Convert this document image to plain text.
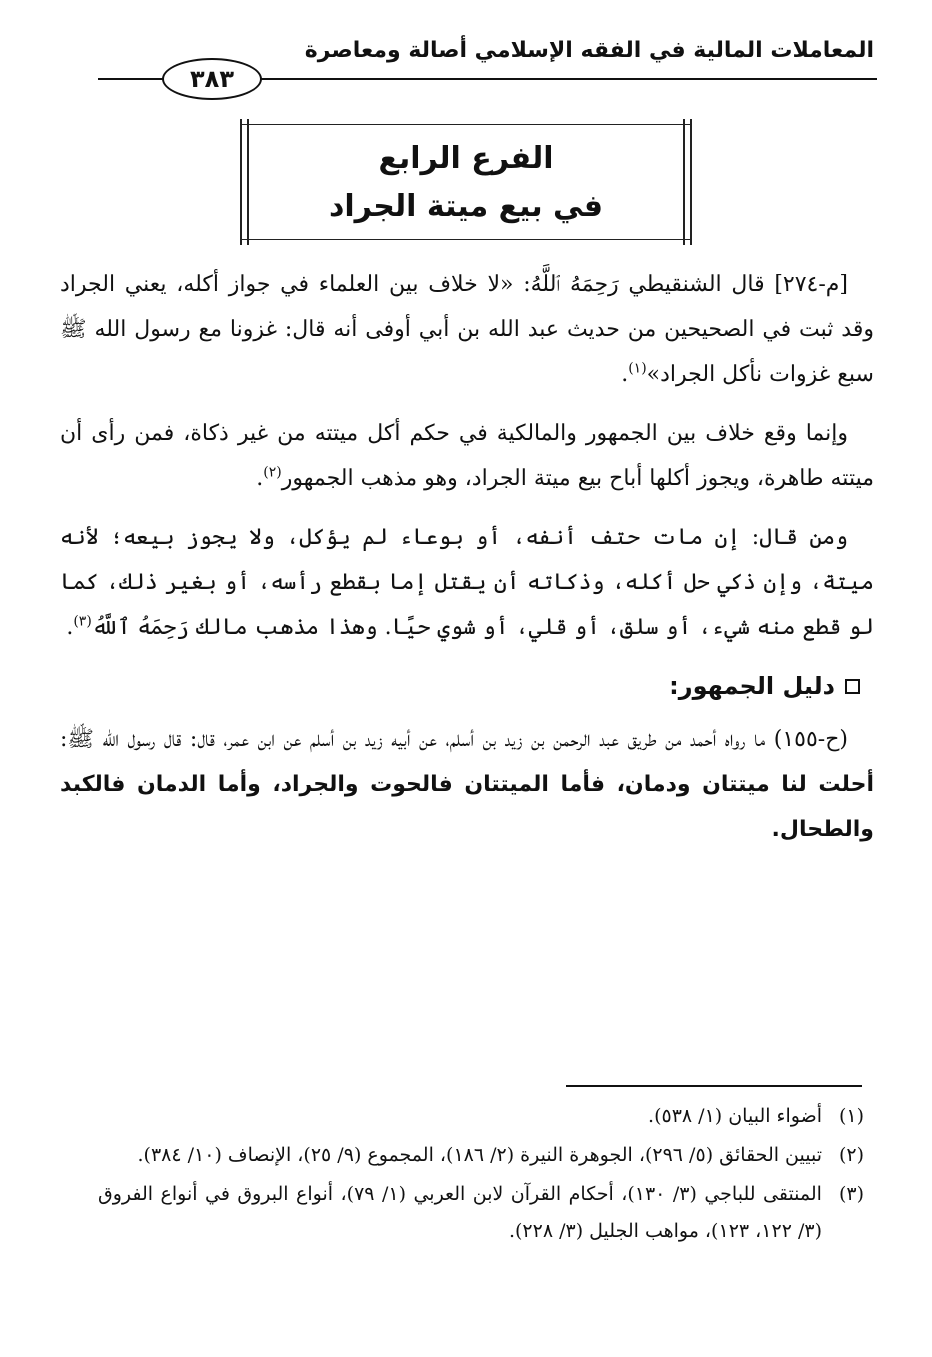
المعاملات المالية في الفقه الإسلامي أصالة ومعاصرة
٣٨٣
الفرع الرابع
في بيع ميتة الجراد

[م-٢٧٤] قال الشنقيطي رَحِمَهُ ٱللَّهُ: «لا خلاف بين العلماء في جواز أكله، يعني الجراد وقد ثبت في الصحيحين من حديث عبد الله بن أبي أوفى أنه قال: غزونا مع رسول الله ﷺ سبع غزوات نأكل الجراد»$^{(١)}$.

وإنما وقع خلاف بين الجمهور والمالكية في حكم أكل ميتته من غير ذكاة، فمن رأى أن ميتته طاهرة، ويجوز أكلها أباح بيع ميتة الجراد، وهو مذهب الجمهور$^{(٢)}$.

ومن قال: إن مات حتف أنفه، أو بوعاء لم يؤكل، ولا يجوز بيعه؛ لأنه ميتة، وإن ذكي حل أكله، وذكاته أن يقتل إما بقطع رأسه، أو بغير ذلك، كما لو قطع منه شيء، أو سلق، أو قلي، أو شوي حيًا. وهذا مذهب مالك رَحِمَهُ ٱللَّهُ$^{(٣)}$.

دليل الجمهور:

(ح-١٥٥) ما رواه أحمد من طريق عبد الرحمن بن زيد بن أسلم، عن أبيه زيد بن أسلم عن ابن عمر، قال: قال رسول الله ﷺ: أحلت لنا ميتتان ودمان، فأما الميتتان فالحوت والجراد، وأما الدمان فالكبد والطحال.

(١)
أضواء البيان (١/ ٥٣٨).
(٢)
تبيين الحقائق (٥/ ٢٩٦)، الجوهرة النيرة (٢/ ١٨٦)، المجموع (٩/ ٢٥)، الإنصاف (١٠/ ٣٨٤).
(٣)
المنتقى للباجي (٣/ ١٣٠)، أحكام القرآن لابن العربي (١/ ٧٩)، أنواع البروق في أنواع الفروق (٣/ ١٢٢، ١٢٣)، مواهب الجليل (٣/ ٢٢٨).
